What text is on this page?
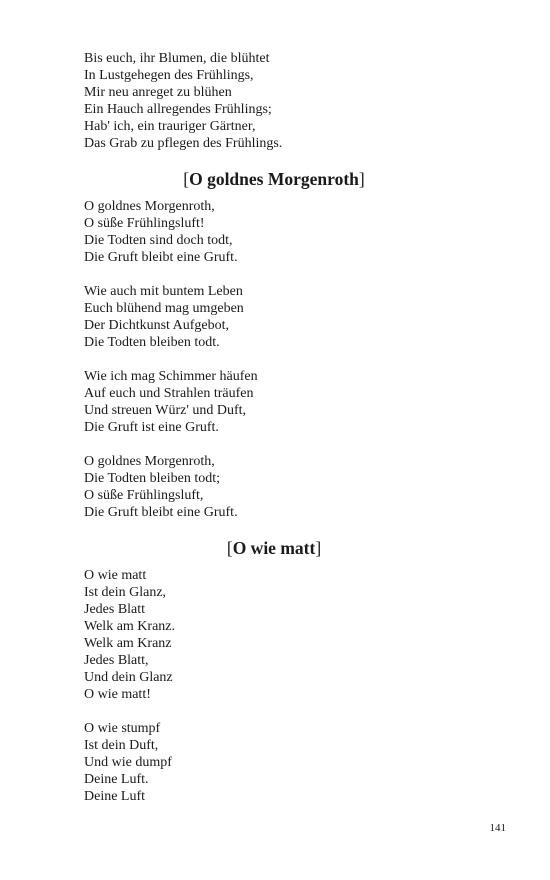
Bis euch, ihr Blumen, die blühtet
In Lustgehegen des Frühlings,
Mir neu anreget zu blühen
Ein Hauch allregendes Frühlings;
Hab' ich, ein trauriger Gärtner,
Das Grab zu pflegen des Frühlings.
[O goldnes Morgenroth]
O goldnes Morgenroth,
O süße Frühlingsluft!
Die Todten sind doch todt,
Die Gruft bleibt eine Gruft.
Wie auch mit buntem Leben
Euch blühend mag umgeben
Der Dichtkunst Aufgebot,
Die Todten bleiben todt.
Wie ich mag Schimmer häufen
Auf euch und Strahlen träufen
Und streuen Würz' und Duft,
Die Gruft ist eine Gruft.
O goldnes Morgenroth,
Die Todten bleiben todt;
O süße Frühlingsluft,
Die Gruft bleibt eine Gruft.
[O wie matt]
O wie matt
Ist dein Glanz,
Jedes Blatt
Welk am Kranz.
Welk am Kranz
Jedes Blatt,
Und dein Glanz
O wie matt!
O wie stumpf
Ist dein Duft,
Und wie dumpf
Deine Luft.
Deine Luft
141
